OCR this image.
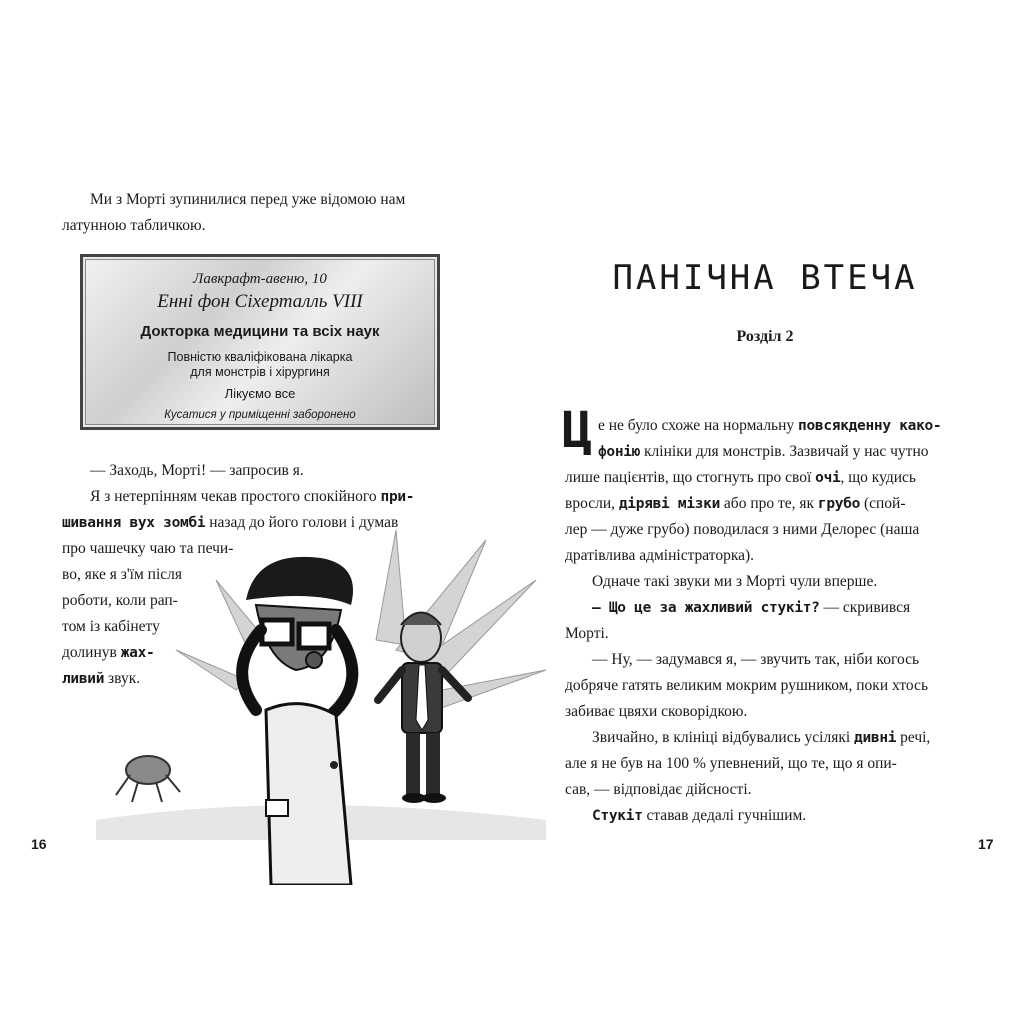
Ми з Морті зупинилися перед уже відомою нам
латунною табличкою.
Лавкрафт-авеню, 10
Енні фон Сіхерталль VIII
Докторка медицини та всіх наук
Повністю кваліфікована лікарка
для монстрів і хірургиня
Лікуємо все
Кусатися у приміщенні заборонено
— Заходь, Морті! — запросив я.
Я з нетерпінням чекав простого спокійного при-
шивання вух зомбі назад до його голови і думав
про чашечку чаю та печи-
во, яке я з'їм після
роботи, коли рап-
том із кабінету
долинув жах-
ливий звук.
16
ПАНІЧНА ВТЕЧА
Розділ 2
Ц е не було схоже на нормальну повсякденну како-
фонію клініки для монстрів. Зазвичай у нас чутно
лише пацієнтів, що стогнуть про свої очі, що кудись
вросли, діряві мізки або про те, як грубо (спой-
лер — дуже грубо) поводилася з ними Делорес (наша
дратівлива адміністраторка).
Одначе такі звуки ми з Морті чули вперше.
— Що це за жахливий стукіт? — скривився
Морті.
— Ну, — задумався я, — звучить так, ніби когось
добряче гатять великим мокрим рушником, поки хтось
забиває цвяхи сковорідкою.
Звичайно, в клініці відбувались усілякі дивні речі,
але я не був на 100 % упевнений, що те, що я опи-
сав, — відповідає дійсності.
Стукіт ставав дедалі гучнішим.
17
